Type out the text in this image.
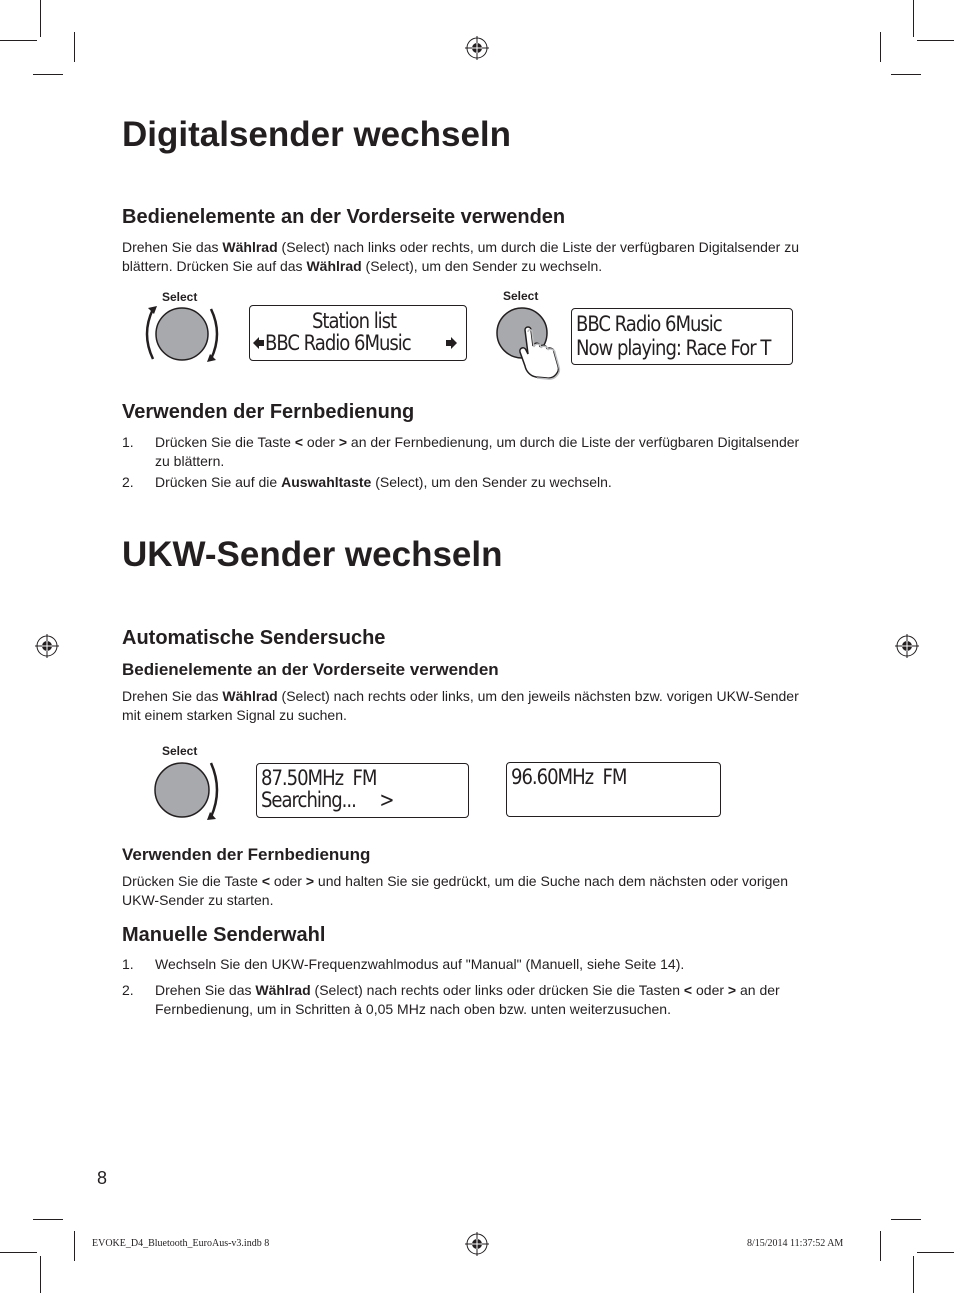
Digitalsender wechseln
Bedienelemente an der Vorderseite verwenden

Drehen Sie das Wählrad (Select) nach links oder rechts, um durch die Liste der verfügbaren Digitalsender zu blättern. Drücken Sie auf das Wählrad (Select), um den Sender zu wechseln.

Select
Station list
BBC Radio 6Music
Select
BBC Radio 6Music
Now playing: Race For T
Verwenden der Fernbedienung
1. Drücken Sie die Taste < oder > an der Fernbedienung, um durch die Liste der verfügbaren Digitalsender zu blättern.
2. Drücken Sie auf die Auswahltaste (Select), um den Sender zu wechseln.
UKW-Sender wechseln
Automatische Sendersuche
Bedienelemente an der Vorderseite verwenden

Drehen Sie das Wählrad (Select) nach rechts oder links, um den jeweils nächsten bzw. vorigen UKW-Sender mit einem starken Signal zu suchen.

Select
87.50MHz  FM
Searching...     >
96.60MHz  FM
Verwenden der Fernbedienung

Drücken Sie die Taste < oder > und halten Sie sie gedrückt, um die Suche nach dem nächsten oder vorigen UKW-Sender zu starten.

Manuelle Senderwahl
1. Wechseln Sie den UKW-Frequenzwahlmodus auf "Manual" (Manuell, siehe Seite 14).
2. Drehen Sie das Wählrad (Select) nach rechts oder links oder drücken Sie die Tasten < oder > an der Fernbedienung, um in Schritten à 0,05 MHz nach oben bzw. unten weiterzusuchen.
8
EVOKE_D4_Bluetooth_EuroAus-v3.indb 8	8/15/2014 11:37:52 AM
